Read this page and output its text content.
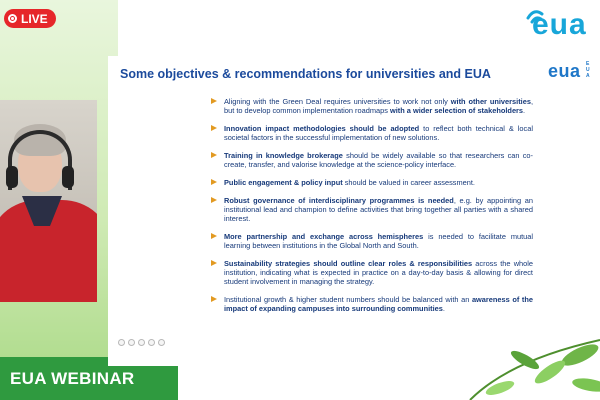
LIVE
EUA WEBINAR
eua
Some objectives & recommendations for universities and EUA	eua E
U
A
Aligning with the Green Deal requires universities to work not only with other universities, but to develop common implementation roadmaps with a wider selection of stakeholders.
Innovation impact methodologies should be adopted to reflect both technical & local societal factors in the successful implementation of new solutions.
Training in knowledge brokerage should be widely available so that researchers can co-create, transfer, and valorise knowledge at the science-policy interface.
Public engagement & policy input should be valued in career assessment.
Robust governance of interdisciplinary programmes is needed, e.g. by appointing an institutional lead and champion to define activities that bring together all parties with a shared interest.
More partnership and exchange across hemispheres is needed to facilitate mutual learning between institutions in the Global North and South.
Sustainability strategies should outline clear roles & responsibilities across the whole institution, indicating what is expected in practice on a day-to-day basis & allowing for direct student involvement in managing the strategy.
Institutional growth & higher student numbers should be balanced with an awareness of the impact of expanding campuses into surrounding communities.
